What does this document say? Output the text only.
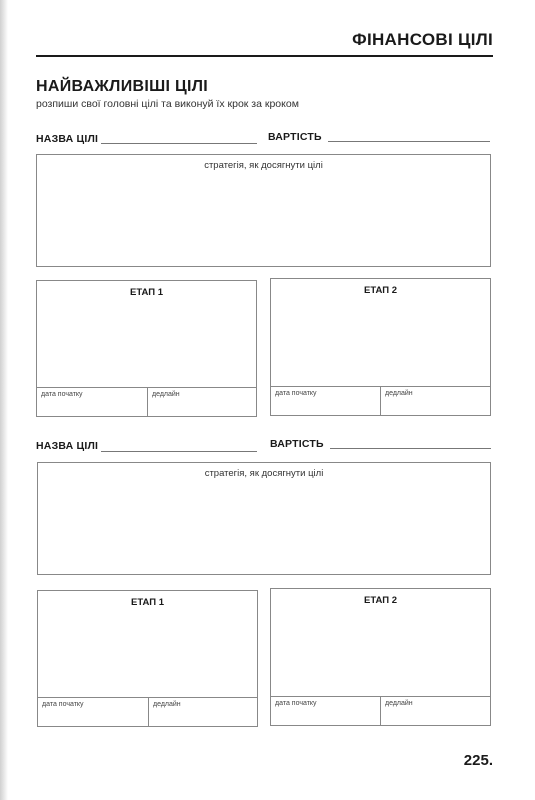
ФІНАНСОВІ ЦІЛІ
НАЙВАЖЛИВІШІ ЦІЛІ
розпиши свої головні цілі та виконуй їх крок за кроком
НАЗВА ЦІЛІ	ВАРТІСТЬ
стратегія, як досягнути цілі
ЕТАП 1
дата початку	дедлайн
ЕТАП 2
дата початку	дедлайн
НАЗВА ЦІЛІ	ВАРТІСТЬ
стратегія, як досягнути цілі
ЕТАП 1
дата початку	дедлайн
ЕТАП 2
дата початку	дедлайн
225.
